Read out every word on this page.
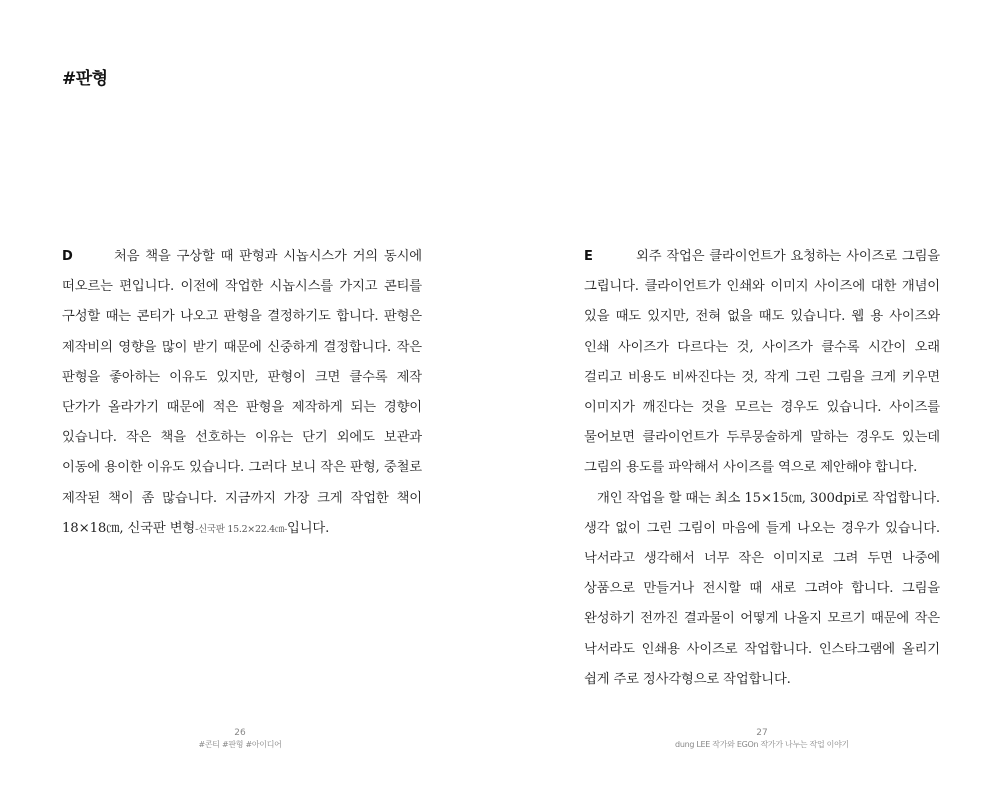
#판형

D	처음 책을 구상할 때 판형과 시놉시스가 거의 동시에 떠오르는 편입니다. 이전에 작업한 시놉시스를 가지고 콘티를 구성할 때는 콘티가 나오고 판형을 결정하기도 합니다. 판형은 제작비의 영향을 많이 받기 때문에 신중하게 결정합니다. 작은 판형을 좋아하는 이유도 있지만, 판형이 크면 클수록 제작 단가가 올라가기 때문에 적은 판형을 제작하게 되는 경향이 있습니다. 작은 책을 선호하는 이유는 단기 외에도 보관과 이동에 용이한 이유도 있습니다. 그러다 보니 작은 판형, 중철로 제작된 책이 좀 많습니다. 지금까지 가장 크게 작업한 책이 18×18㎝, 신국판 변형-신국판 15.2×22.4㎝-입니다.

26
#콘티 #판형 #아이디어

E	외주 작업은 클라이언트가 요청하는 사이즈로 그림을 그립니다. 클라이언트가 인쇄와 이미지 사이즈에 대한 개념이 있을 때도 있지만, 전혀 없을 때도 있습니다. 웹 용 사이즈와 인쇄 사이즈가 다르다는 것, 사이즈가 클수록 시간이 오래 걸리고 비용도 비싸진다는 것, 작게 그린 그림을 크게 키우면 이미지가 깨진다는 것을 모르는 경우도 있습니다. 사이즈를 물어보면 클라이언트가 두루뭉술하게 말하는 경우도 있는데 그림의 용도를 파악해서 사이즈를 역으로 제안해야 합니다.

개인 작업을 할 때는 최소 15×15㎝, 300dpi로 작업합니다. 생각 없이 그린 그림이 마음에 들게 나오는 경우가 있습니다. 낙서라고 생각해서 너무 작은 이미지로 그려 두면 나중에 상품으로 만들거나 전시할 때 새로 그려야 합니다. 그림을 완성하기 전까진 결과물이 어떻게 나올지 모르기 때문에 작은 낙서라도 인쇄용 사이즈로 작업합니다. 인스타그램에 올리기 쉽게 주로 정사각형으로 작업합니다.

27
dung LEE 작가와 EGOn 작가가 나누는 작업 이야기
